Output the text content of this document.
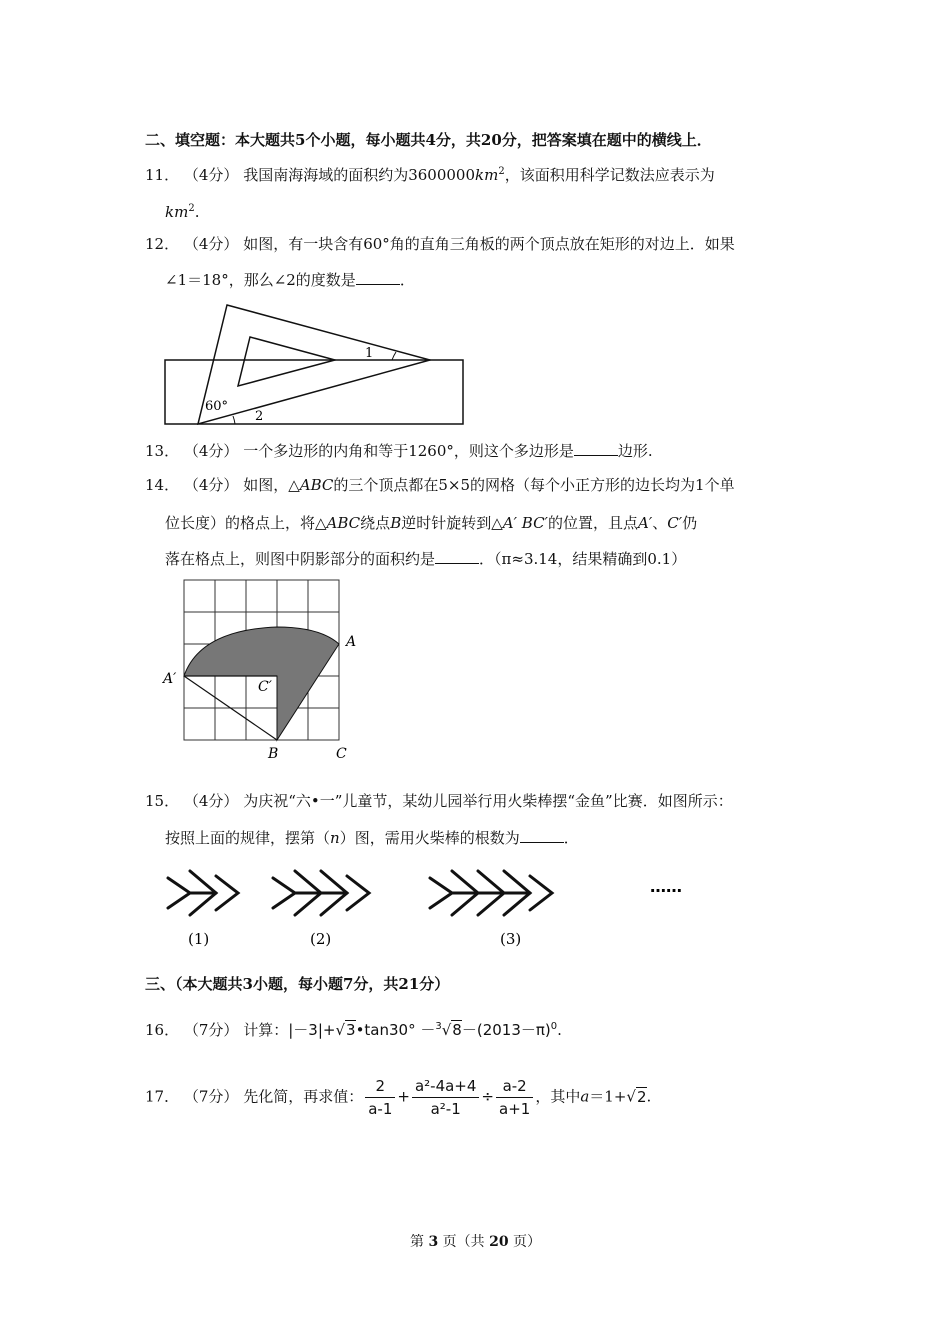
二、填空题：本大题共5个小题，每小题共4分，共20分，把答案填在题中的横线上．
11． （4分） 我国南海海域的面积约为$3600000km^2$，该面积用科学记数法应表示为
$km^2$.
12． （4分） 如图，有一块含有60°角的直角三角板的两个顶点放在矩形的对边上．如果
∠1＝18°，那么∠2的度数是	．
1
2
60°
13． （4分） 一个多边形的内角和等于1260°，则这个多边形是	边形.
14． （4分） 如图，△ABC的三个顶点都在5×5的网格（每个小正方形的边长均为1个单
位长度）的格点上，将△ABC绕点B逆时针旋转到△A′ BC′的位置，且点A′、C′仍
落在格点上，则图中阴影部分的面积约是	．（π≈3.14，结果精确到0.1）
A
A′	C′
B	C
15． （4分） 为庆祝“六•一”儿童节，某幼儿园举行用火柴棒摆“金鱼”比赛．如图所示：
按照上面的规律，摆第（n）图，需用火柴棒的根数为	．
……
(1)	(2)	(3)
三、（本大题共3小题，每小题7分，共21分）
16． （7分） 计算：|－3|+√3•tan30° $-^3√8-(2013-\pi)^0$.
17． （7分） 先化简，再求值： $\frac{2}{a-1} + \frac{\text{a²-4a+4}}{\text{a²-1}} \div \frac{a-2}{a+1}$ ，其中a＝1+√2.
第 3 页（共 20 页）
